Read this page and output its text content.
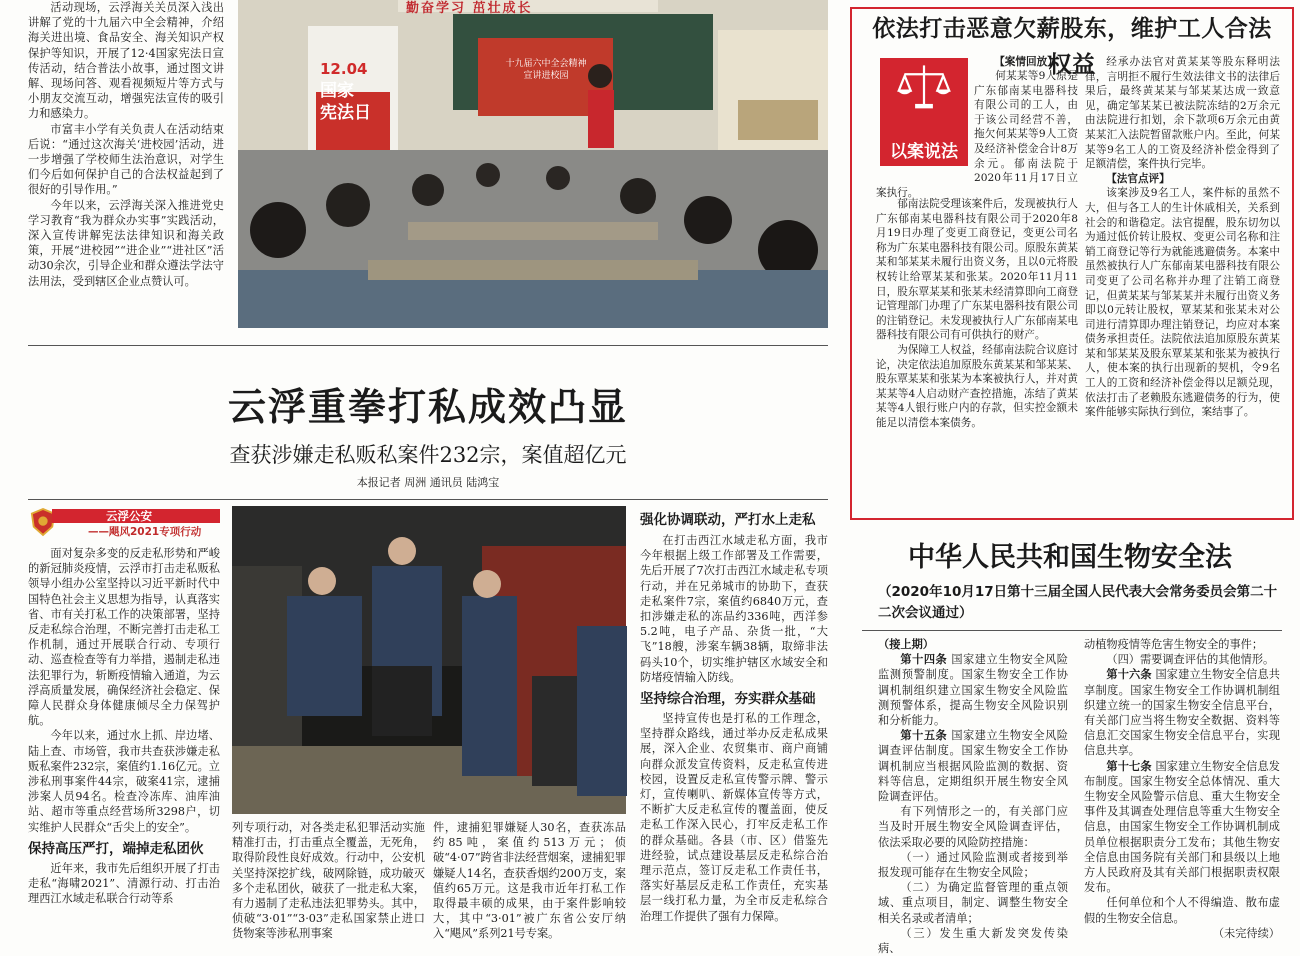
活动现场，云浮海关关员深入浅出讲解了党的十九届六中全会精神，介绍海关进出境、食品安全、海关知识产权保护等知识，开展了12·4国家宪法日宣传活动，结合普法小故事，通过图文讲解、现场问答、观看视频短片等方式与小朋友交流互动，增强宪法宣传的吸引力和感染力。

市富丰小学有关负责人在活动结束后说：“通过这次海关‘进校园’活动，进一步增强了学校师生法治意识，对学生们今后如何保护自己的合法权益起到了很好的引导作用。”

今年以来，云浮海关深入推进党史学习教育“我为群众办实事”实践活动，深入宣传讲解宪法法律知识和海关政策，开展“进校园”“进企业”“进社区”活动30余次，引导企业和群众遵法学法守法用法，受到辖区企业点赞认可。

勤奋学习 茁壮成长
十九届六中全会精神
宣讲进校园
12.04
国家
宪法日
依法打击恶意欠薪股东，维护工人合法权益
以案说法
【案情回放】

何某某等9人原是广东郁南某电器科技有限公司的工人，由于该公司经营不善，拖欠何某某等9人工资及经济补偿金合计8万余元。郁南法院于2020年11月17日立案执行。

郁南法院受理该案件后，发现被执行人广东郁南某电器科技有限公司于2020年8月19日办理了变更工商登记，变更公司名称为广东某电器科技有限公司。原股东黄某某和邹某某未履行出资义务，且以0元将股权转让给覃某某和张某。2020年11月11日，股东覃某某和张某未经清算即向工商登记管理部门办理了广东某电器科技有限公司的注销登记。未发现被执行人广东郁南某电器科技有限公司有可供执行的财产。

为保障工人权益，经郁南法院合议庭讨论，决定依法追加原股东黄某某和邹某某、股东覃某某和张某为本案被执行人，并对黄某某等4人启动财产查控措施，冻结了黄某某等4人银行账户内的存款，但实控金额未能足以清偿本案债务。

经承办法官对黄某某等股东释明法律，言明拒不履行生效法律文书的法律后果后，最终黄某某与邹某某达成一致意见，确定邹某某已被法院冻结的2万余元由法院进行扣划，余下款项6万余元由黄某某汇入法院暂留款账户内。至此，何某某等9名工人的工资及经济补偿金得到了足额清偿，案件执行完毕。

【法官点评】

该案涉及9名工人，案件标的虽然不大，但与各工人的生计休戚相关，关系到社会的和谐稳定。法官提醒，股东切勿以为通过低价转让股权、变更公司名称和注销工商登记等行为就能逃避债务。本案中虽然被执行人广东郁南某电器科技有限公司变更了公司名称并办理了注销工商登记，但黄某某与邹某某并未履行出资义务即以0元转让股权，覃某某和张某未对公司进行清算即办理注销登记，均应对本案债务承担责任。法院依法追加原股东黄某某和邹某某及股东覃某某和张某为被执行人，使本案的执行出现新的契机，令9名工人的工资和经济补偿金得以足额兑现，依法打击了老赖股东逃避债务的行为，使案件能够实际执行到位，案结事了。

云浮重拳打私成效凸显
查获涉嫌走私贩私案件232宗，案值超亿元
本报记者 周洲 通讯员 陆鸿宝
云浮公安
——飓风2021专项行动

面对复杂多变的反走私形势和严峻的新冠肺炎疫情，云浮市打击走私贩私领导小组办公室坚持以习近平新时代中国特色社会主义思想为指导，认真落实省、市有关打私工作的决策部署，坚持反走私综合治理，不断完善打击走私工作机制，通过开展联合行动、专项行动、巡查检查等有力举措，遏制走私违法犯罪行为，斩断疫情输入通道，为云浮高质量发展，确保经济社会稳定、保障人民群众身体健康倾尽全力保驾护航。

今年以来，通过水上抓、岸边堵、陆上查、市场管，我市共查获涉嫌走私贩私案件232宗，案值约1.16亿元。立涉私刑事案件44宗，破案41宗，逮捕涉案人员94名。检查冷冻库、油库油站、超市等重点经营场所3298户，切实维护人民群众“舌尖上的安全”。

保持高压严打，端掉走私团伙

近年来，我市先后组织开展了打击走私“海啸2021”、清源行动、打击治理西江水域走私联合行动等系

列专项行动，对各类走私犯罪活动实施精准打击，打击重点全覆盖，无死角，取得阶段性良好成效。行动中，公安机关坚持深挖扩线，破网除链，成功破灭多个走私团伙，破获了一批走私大案，有力遏制了走私违法犯罪势头。其中，侦破“3·01”“3·03”走私国家禁止进口货物案等涉私刑事案

件，逮捕犯罪嫌疑人30名，查获冻品约85吨，案值约513万元；侦破“4·07”跨省非法经营烟案，逮捕犯罪嫌疑人14名，查获香烟约200万支，案值约65万元。这是我市近年打私工作取得最丰硕的成果，由于案件影响较大，其中“3·01”被广东省公安厅纳入“飓风”系列21号专案。

强化协调联动，严打水上走私

在打击西江水域走私方面，我市今年根据上级工作部署及工作需要，先后开展了7次打击西江水域走私专项行动，并在兄弟城市的协助下，查获走私案件7宗，案值约6840万元，查扣涉嫌走私的冻品约336吨，西洋参5.2吨，电子产品、杂货一批，“大飞”18艘，涉案车辆38辆，取缔非法码头10个，切实维护辖区水域安全和防堵疫情输入防线。

坚持综合治理，夯实群众基础

坚持宣传也是打私的工作理念，坚持群众路线，通过举办反走私成果展，深入企业、农贸集市、商户商铺向群众派发宣传资料，反走私宣传进校园，设置反走私宣传警示牌、警示灯，宣传喇叭、新媒体宣传等方式，不断扩大反走私宣传的覆盖面，使反走私工作深入民心，打牢反走私工作的群众基础。各县（市、区）借鉴先进经验，试点建设基层反走私综合治理示范点，签订反走私工作责任书，落实好基层反走私工作责任，充实基层一线打私力量，为全市反走私综合治理工作提供了强有力保障。

中华人民共和国生物安全法
（2020年10月17日第十三届全国人民代表大会常务委员会第二十二次会议通过）
（接上期）

第十四条 国家建立生物安全风险监测预警制度。国家生物安全工作协调机制组织建立国家生物安全风险监测预警体系，提高生物安全风险识别和分析能力。

第十五条 国家建立生物安全风险调查评估制度。国家生物安全工作协调机制应当根据风险监测的数据、资料等信息，定期组织开展生物安全风险调查评估。

有下列情形之一的，有关部门应当及时开展生物安全风险调查评估，依法采取必要的风险防控措施：

（一）通过风险监测或者接到举报发现可能存在生物安全风险；

（二）为确定监督管理的重点领域、重点项目，制定、调整生物安全相关名录或者清单；

（三）发生重大新发突发传染病、

动植物疫情等危害生物安全的事件；

（四）需要调查评估的其他情形。

第十六条 国家建立生物安全信息共享制度。国家生物安全工作协调机制组织建立统一的国家生物安全信息平台，有关部门应当将生物安全数据、资料等信息汇交国家生物安全信息平台，实现信息共享。

第十七条 国家建立生物安全信息发布制度。国家生物安全总体情况、重大生物安全风险警示信息、重大生物安全事件及其调查处理信息等重大生物安全信息，由国家生物安全工作协调机制成员单位根据职责分工发布；其他生物安全信息由国务院有关部门和县级以上地方人民政府及其有关部门根据职责权限发布。

任何单位和个人不得编造、散布虚假的生物安全信息。

（未完待续）
